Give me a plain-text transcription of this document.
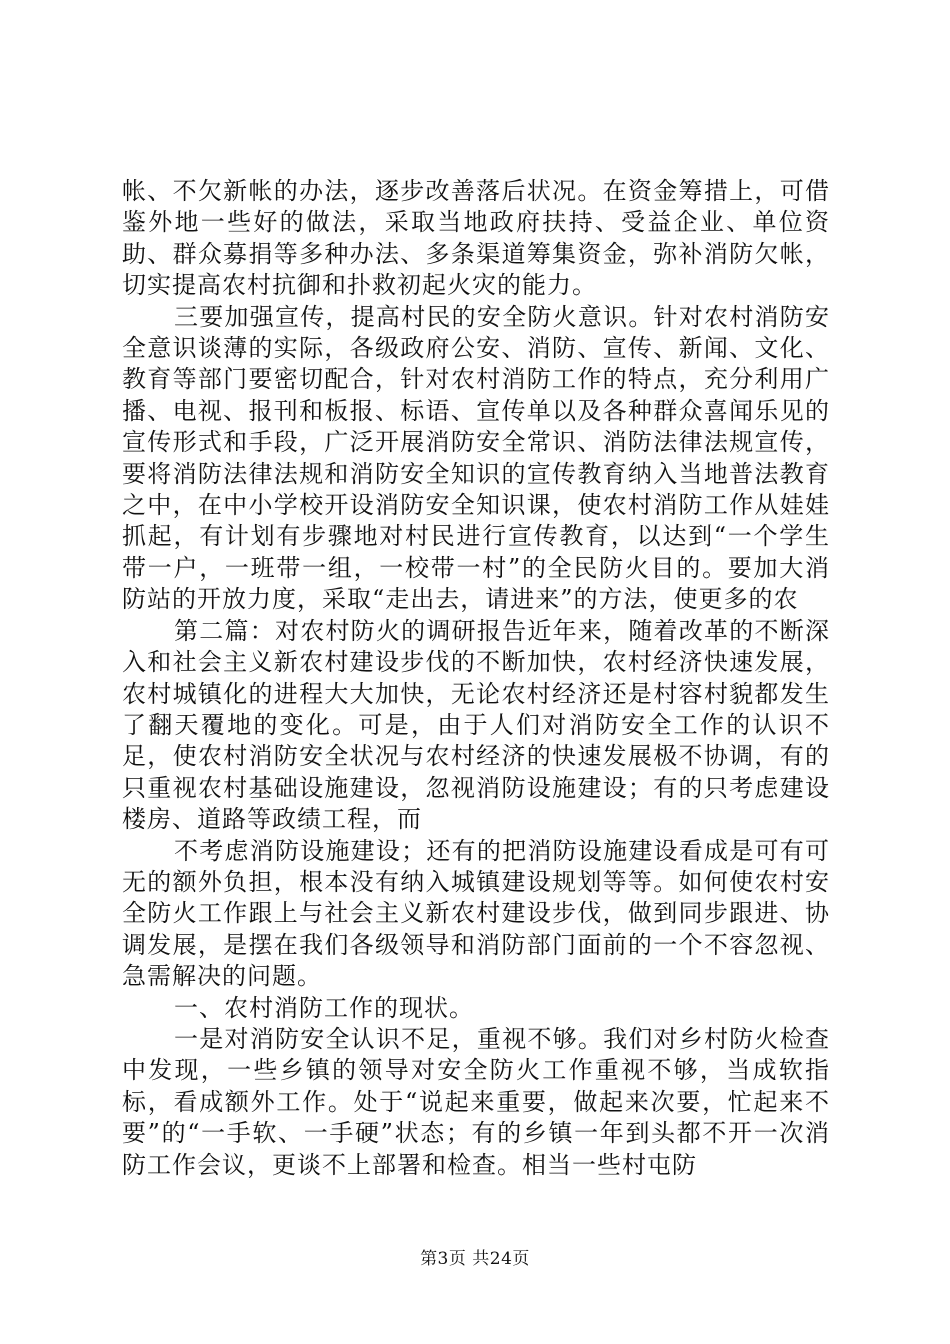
帐、不欠新帐的办法，逐步改善落后状况。在资金筹措上，可借鉴外地一些好的做法，采取当地政府扶持、受益企业、单位资助、群众募捐等多种办法、多条渠道筹集资金，弥补消防欠帐，切实提高农村抗御和扑救初起火灾的能力。

三要加强宣传，提高村民的安全防火意识。针对农村消防安全意识谈薄的实际，各级政府公安、消防、宣传、新闻、文化、教育等部门要密切配合，针对农村消防工作的特点，充分利用广播、电视、报刊和板报、标语、宣传单以及各种群众喜闻乐见的宣传形式和手段，广泛开展消防安全常识、消防法律法规宣传，要将消防法律法规和消防安全知识的宣传教育纳入当地普法教育之中，在中小学校开设消防安全知识课，使农村消防工作从娃娃抓起，有计划有步骤地对村民进行宣传教育，以达到“一个学生带一户，一班带一组，一校带一村”的全民防火目的。要加大消防站的开放力度，采取“走出去，请进来”的方法，使更多的农

第二篇：对农村防火的调研报告近年来，随着改革的不断深入和社会主义新农村建设步伐的不断加快，农村经济快速发展，农村城镇化的进程大大加快，无论农村经济还是村容村貌都发生了翻天覆地的变化。可是，由于人们对消防安全工作的认识不足，使农村消防安全状况与农村经济的快速发展极不协调，有的只重视农村基础设施建设，忽视消防设施建设；有的只考虑建设楼房、道路等政绩工程，而

不考虑消防设施建设；还有的把消防设施建设看成是可有可无的额外负担，根本没有纳入城镇建设规划等等。如何使农村安全防火工作跟上与社会主义新农村建设步伐，做到同步跟进、协调发展，是摆在我们各级领导和消防部门面前的一个不容忽视、急需解决的问题。

一、农村消防工作的现状。

一是对消防安全认识不足，重视不够。我们对乡村防火检查中发现，一些乡镇的领导对安全防火工作重视不够，当成软指标，看成额外工作。处于“说起来重要，做起来次要，忙起来不要”的“一手软、一手硬”状态；有的乡镇一年到头都不开一次消防工作会议，更谈不上部署和检查。相当一些村屯防

第3页 共24页
